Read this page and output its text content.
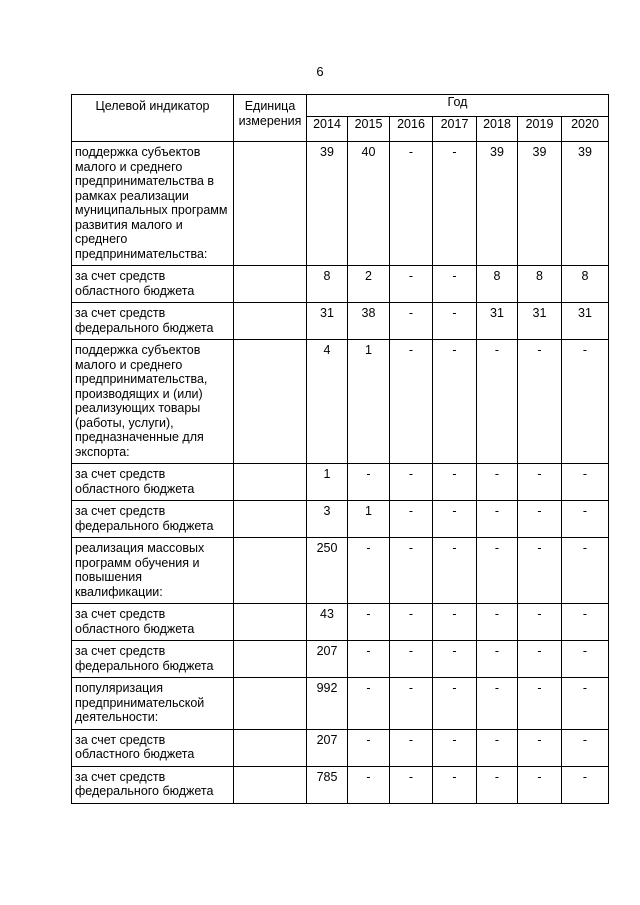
6
Целевой индикатор	Единица измерения	Год						
		2014	2015	2016	2017	2018	2019	2020
поддержка субъектов малого и среднего предпринимательства в рамках реализации муниципальных программ развития малого и среднего предпринимательства:		39	40	-	-	39	39	39
за счет средств областного бюджета		8	2	-	-	8	8	8
за счет средств федерального бюджета		31	38	-	-	31	31	31
поддержка субъектов малого и среднего предпринимательства, производящих и (или) реализующих товары (работы, услуги), предназначенные для экспорта:		4	1	-	-	-	-	-
за счет средств областного бюджета		1	-	-	-	-	-	-
за счет средств федерального бюджета		3	1	-	-	-	-	-
реализация массовых программ обучения и повышения квалификации:		250	-	-	-	-	-	-
за счет средств областного бюджета		43	-	-	-	-	-	-
за счет средств федерального бюджета		207	-	-	-	-	-	-
популяризация предпринимательской деятельности:		992	-	-	-	-	-	-
за счет средств областного бюджета		207	-	-	-	-	-	-
за счет средств федерального бюджета		785	-	-	-	-	-	-
